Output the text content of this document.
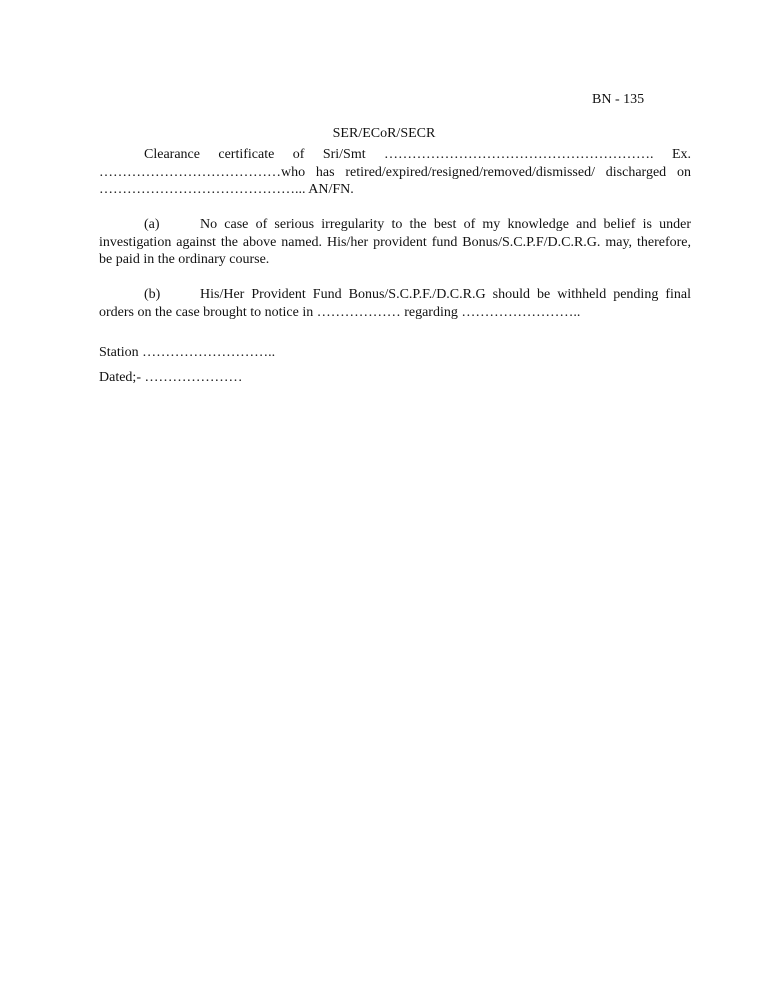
BN - 135
SER/ECoR/SECR
Clearance certificate of Sri/Smt …………………………………………………. Ex. …………………………………who has retired/expired/resigned/removed/dismissed/ discharged on ……………………………………... AN/FN.
(a)	No case of serious irregularity to the best of my knowledge and belief is under investigation against the above named. His/her provident fund Bonus/S.C.P.F/D.C.R.G. may, therefore, be paid in the ordinary course.
(b)	His/Her Provident Fund Bonus/S.C.P.F./D.C.R.G should be withheld pending final orders on the case brought to notice in ……………… regarding ……………………..
Station ………………………..
Dated;- …………………
